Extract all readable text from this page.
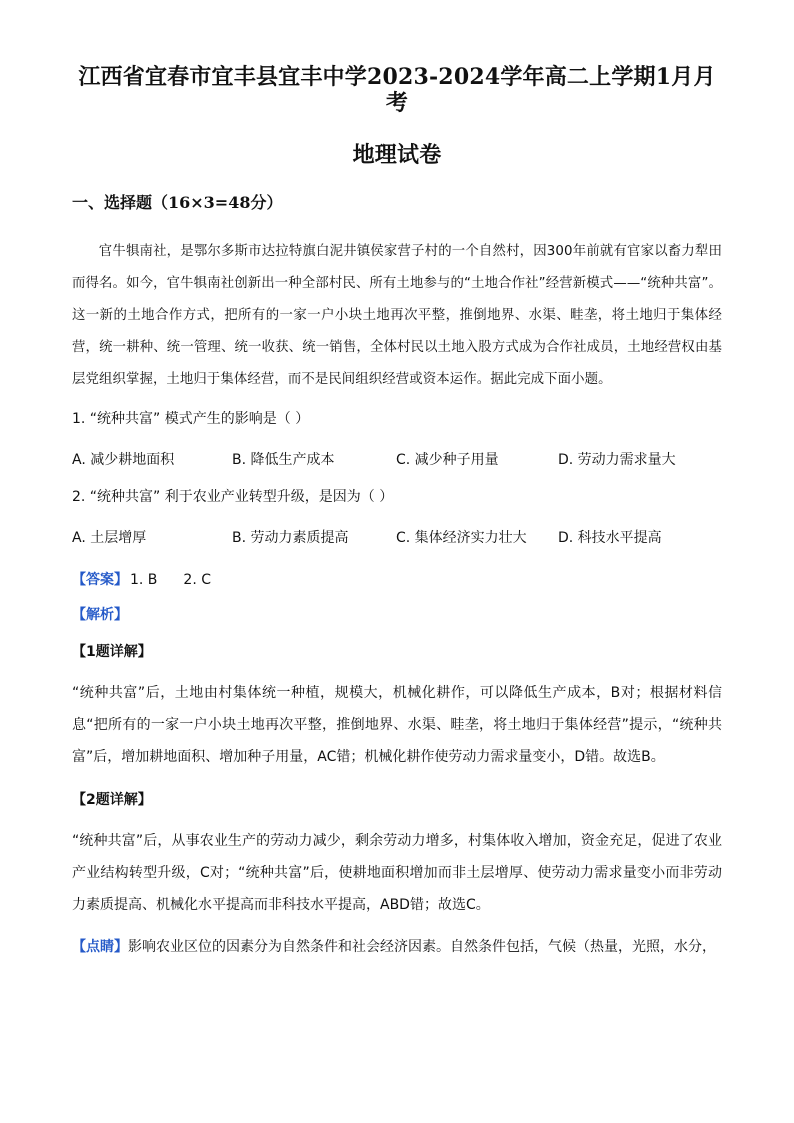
江西省宜春市宜丰县宜丰中学2023-2024学年高二上学期1月月考
地理试卷
一、选择题（16×3=48分）

官牛犋南社，是鄂尔多斯市达拉特旗白泥井镇侯家营子村的一个自然村，因300年前就有官家以畜力犁田而得名。如今，官牛犋南社创新出一种全部村民、所有土地参与的“土地合作社”经营新模式——“统种共富”。这一新的土地合作方式，把所有的一家一户小块土地再次平整，推倒地界、水渠、畦垄，将土地归于集体经营，统一耕种、统一管理、统一收获、统一销售，全体村民以土地入股方式成为合作社成员，土地经营权由基层党组织掌握，土地归于集体经营，而不是民间组织经营或资本运作。据此完成下面小题。

1. “统种共富” 模式产生的影响是（ ）
A. 减少耕地面积	B. 降低生产成本	C. 减少种子用量	D. 劳动力需求量大
2. “统种共富” 利于农业产业转型升级，是因为（ ）
A. 土层增厚	B. 劳动力素质提高	C. 集体经济实力壮大 D. 科技水平提高
【答案】 1. B 2. C
【解析】
【1题详解】

“统种共富”后，土地由村集体统一种植，规模大，机械化耕作，可以降低生产成本，B对；根据材料信息“把所有的一家一户小块土地再次平整，推倒地界、水渠、畦垄，将土地归于集体经营”提示，“统种共富”后，增加耕地面积、增加种子用量，AC错；机械化耕作使劳动力需求量变小，D错。故选B。

【2题详解】

“统种共富”后，从事农业生产的劳动力减少，剩余劳动力增多，村集体收入增加，资金充足，促进了农业产业结构转型升级，C对；“统种共富”后，使耕地面积增加而非土层增厚、使劳动力需求量变小而非劳动力素质提高、机械化水平提高而非科技水平提高，ABD错；故选C。

【点睛】影响农业区位的因素分为自然条件和社会经济因素。自然条件包括，气候（热量，光照，水分，
